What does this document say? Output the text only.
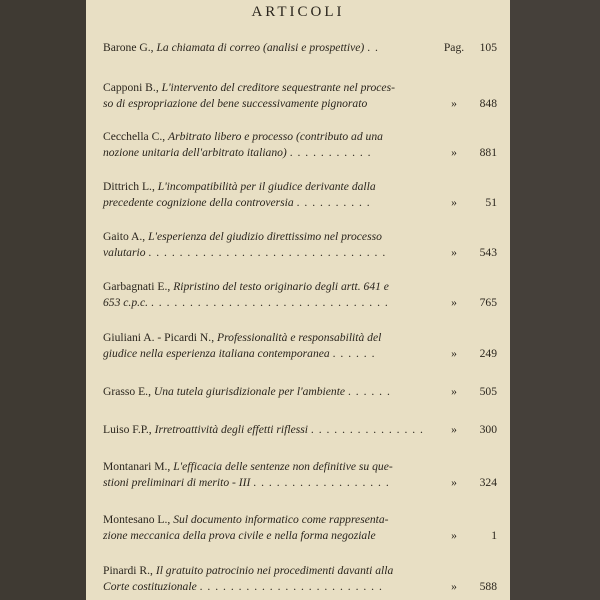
ARTICOLI
Barone G., La chiamata di correo (analisi e prospettive) . .	Pag.	105
Capponi B., L'intervento del creditore sequestrante nel proces-
so di espropriazione del bene successivamente pignorato	»	848
Cecchella C., Arbitrato libero e processo (contributo ad una
nozione unitaria dell'arbitrato italiano) . . . . . . . . . . .	»	881
Dittrich L., L'incompatibilità per il giudice derivante dalla
precedente cognizione della controversia . . . . . . . . . .	»	51
Gaito A., L'esperienza del giudizio direttissimo nel processo
valutario . . . . . . . . . . . . . . . . . . . . . . . . . . . . . . .	»	543
Garbagnati E., Ripristino del testo originario degli artt. 641 e
653 c.p.c. . . . . . . . . . . . . . . . . . . . . . . . . . . . . . . .	»	765
Giuliani A. - Picardi N., Professionalità e responsabilità del
giudice nella esperienza italiana contemporanea . . . . . .	»	249
Grasso E., Una tutela giurisdizionale per l'ambiente . . . . . .	»	505
Luiso F.P., Irretroattività degli effetti riflessi . . . . . . . . . . . . . . .	»	300
Montanari M., L'efficacia delle sentenze non definitive su que-
stioni preliminari di merito - III . . . . . . . . . . . . . . . . . .	»	324
Montesano L., Sul documento informatico come rappresenta-
zione meccanica della prova civile e nella forma negoziale	»	1
Pinardi R., Il gratuito patrocinio nei procedimenti davanti alla
Corte costituzionale . . . . . . . . . . . . . . . . . . . . . . . .	»	588
